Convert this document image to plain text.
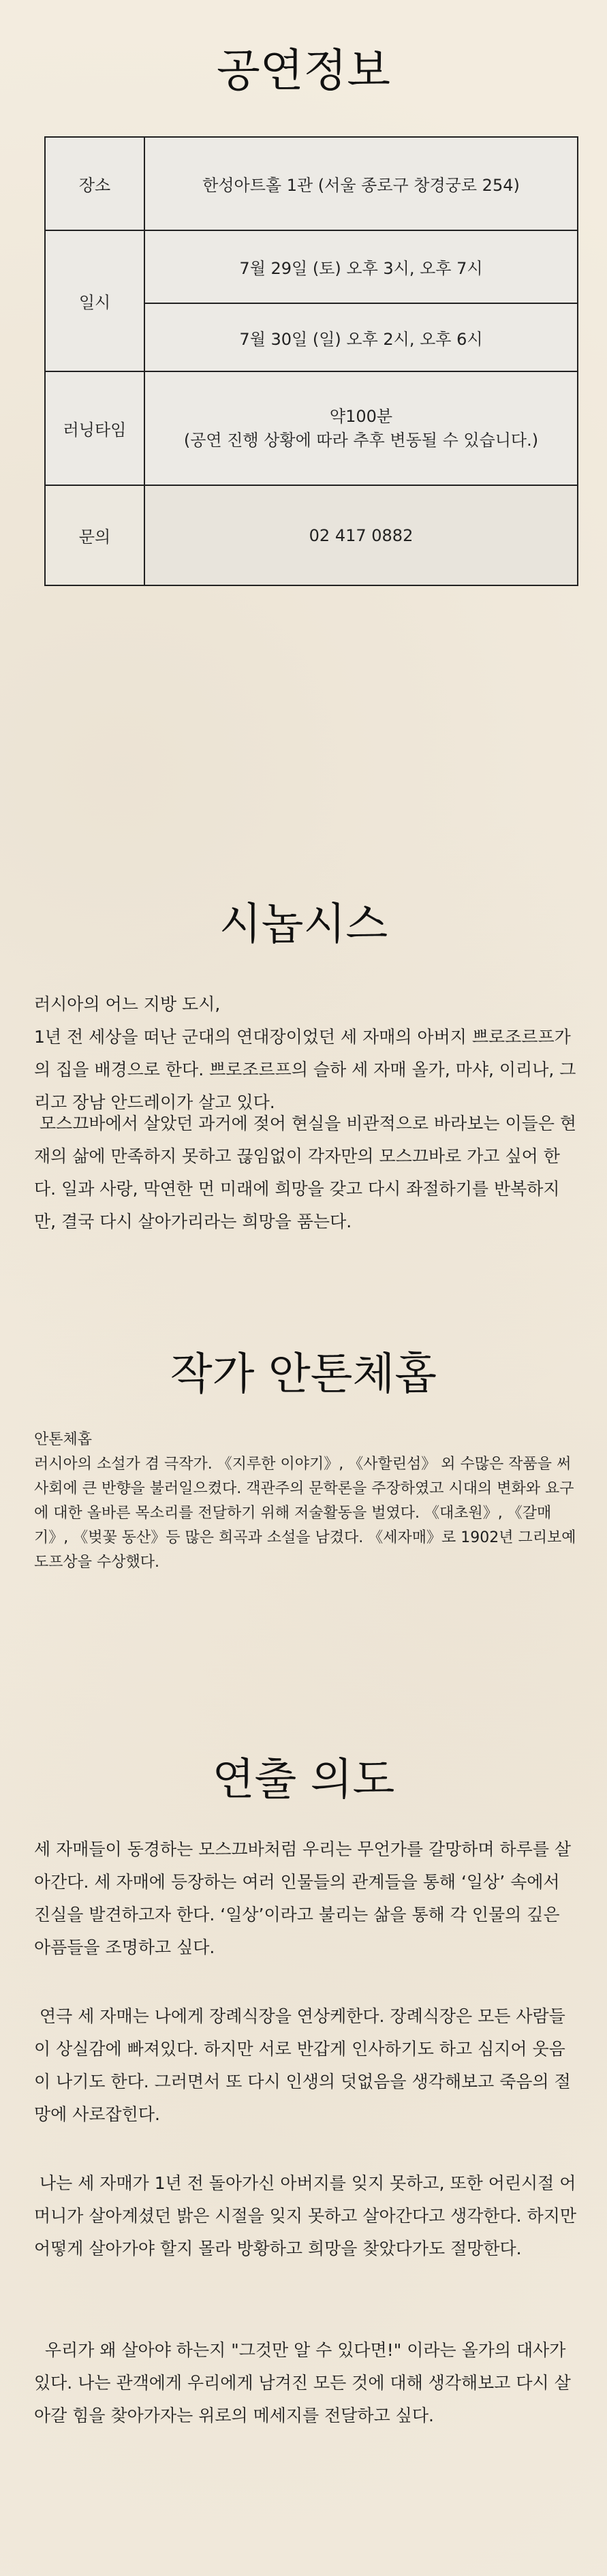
공연정보
장소	한성아트홀 1관 (서울 종로구 창경궁로 254)
일시	7월 29일 (토) 오후 3시, 오후 7시
	7월 30일 (일) 오후 2시, 오후 6시
러닝타임	약100분
(공연 진행 상황에 따라 추후 변동될 수 있습니다.)

문의	02 417 0882
시놉시스

러시아의 어느 지방 도시,
1년 전 세상을 떠난 군대의 연대장이었던 세 자매의 아버지 쁘로조르프가의 집을 배경으로 한다. 쁘로조르프의 슬하 세 자매 올가, 마샤, 이리나, 그리고 장남 안드레이가 살고 있다.

모스끄바에서 살았던 과거에 젖어 현실을 비관적으로 바라보는 이들은 현재의 삶에 만족하지 못하고 끊임없이 각자만의 모스끄바로 가고 싶어 한다. 일과 사랑, 막연한 먼 미래에 희망을 갖고 다시 좌절하기를 반복하지만, 결국 다시 살아가리라는 희망을 품는다.

작가 안톤체홉
안톤체홉
러시아의 소설가 겸 극작가. 《지루한 이야기》, 《사할린섬》 외 수많은 작품을 써 사회에 큰 반향을 불러일으켰다. 객관주의 문학론을 주장하였고 시대의 변화와 요구에 대한 올바른 목소리를 전달하기 위해 저술활동을 벌였다. 《대초원》, 《갈매기》, 《벚꽃 동산》등 많은 희곡과 소설을 남겼다. 《세자매》로 1902년 그리보예도프상을 수상했다.
연출 의도

세 자매들이 동경하는 모스끄바처럼 우리는 무언가를 갈망하며 하루를 살아간다. 세 자매에 등장하는 여러 인물들의 관계들을 통해 ‘일상’ 속에서 진실을 발견하고자 한다. ‘일상’이라고 불리는 삶을 통해 각 인물의 깊은 아픔들을 조명하고 싶다.

연극 세 자매는 나에게 장례식장을 연상케한다. 장례식장은 모든 사람들이 상실감에 빠져있다. 하지만 서로 반갑게 인사하기도 하고 심지어 웃음이 나기도 한다. 그러면서 또 다시 인생의 덧없음을 생각해보고 죽음의 절망에 사로잡힌다.

나는 세 자매가 1년 전 돌아가신 아버지를 잊지 못하고, 또한 어린시절 어머니가 살아계셨던 밝은 시절을 잊지 못하고 살아간다고 생각한다. 하지만 어떻게 살아가야 할지 몰라 방황하고 희망을 찾았다가도 절망한다.

우리가 왜 살아야 하는지 "그것만 알 수 있다면!" 이라는 올가의 대사가 있다. 나는 관객에게 우리에게 남겨진 모든 것에 대해 생각해보고 다시 살아갈 힘을 찾아가자는 위로의 메세지를 전달하고 싶다.
